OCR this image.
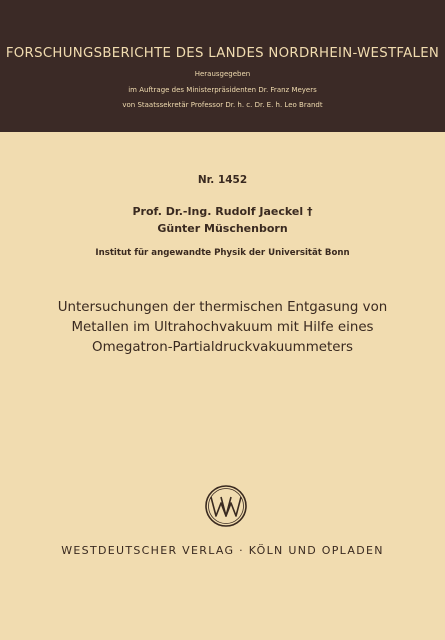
FORSCHUNGSBERICHTE DES LANDES NORDRHEIN-WESTFALEN
Herausgegeben
im Auftrage des Ministerpräsidenten Dr. Franz Meyers
von Staatssekretär Professor Dr. h. c. Dr. E. h. Leo Brandt
Nr. 1452
Prof. Dr.-Ing. Rudolf Jaeckel †
Günter Müschenborn
Institut für angewandte Physik der Universität Bonn
Untersuchungen der thermischen Entgasung von
Metallen im Ultrahochvakuum mit Hilfe eines
Omegatron-Partialdruckvakuummeters
WESTDEUTSCHER VERLAG · KÖLN UND OPLADEN
